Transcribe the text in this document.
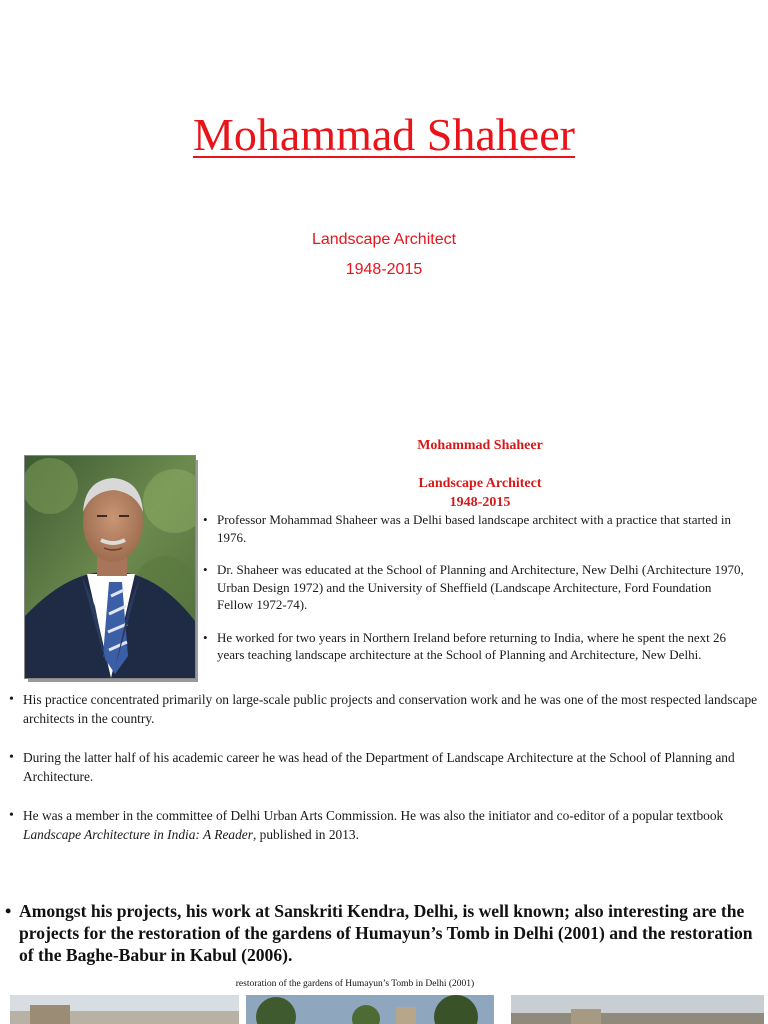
Mohammad Shaheer
Landscape Architect
1948-2015
Mohammad Shaheer
Landscape Architect
1948-2015
• Professor Mohammad Shaheer was a Delhi based landscape architect with a practice that started in 1976.
• Dr. Shaheer was educated at the School of Planning and Architecture, New Delhi (Architecture 1970, Urban Design 1972) and the University of Sheffield (Landscape Architecture, Ford Foundation Fellow 1972-74).
• He worked for two years in Northern Ireland before returning to India, where he spent the next 26 years teaching landscape architecture at the School of Planning and Architecture, New Delhi.
• His practice concentrated primarily on large-scale public projects and conservation work and he was one of the most respected landscape architects in the country.
• During the latter half of his academic career he was head of the Department of Landscape Architecture at the School of Planning and Architecture.
• He was a member in the committee of Delhi Urban Arts Commission. He was also the initiator and co-editor of a popular textbook Landscape Architecture in India: A Reader, published in 2013.
• Amongst his projects, his work at Sanskriti Kendra, Delhi, is well known; also interesting are the projects for the restoration of the gardens of Humayun’s Tomb in Delhi (2001) and the restoration of the Baghe-Babur in Kabul (2006).
restoration of the gardens of Humayun’s Tomb in Delhi (2001)
